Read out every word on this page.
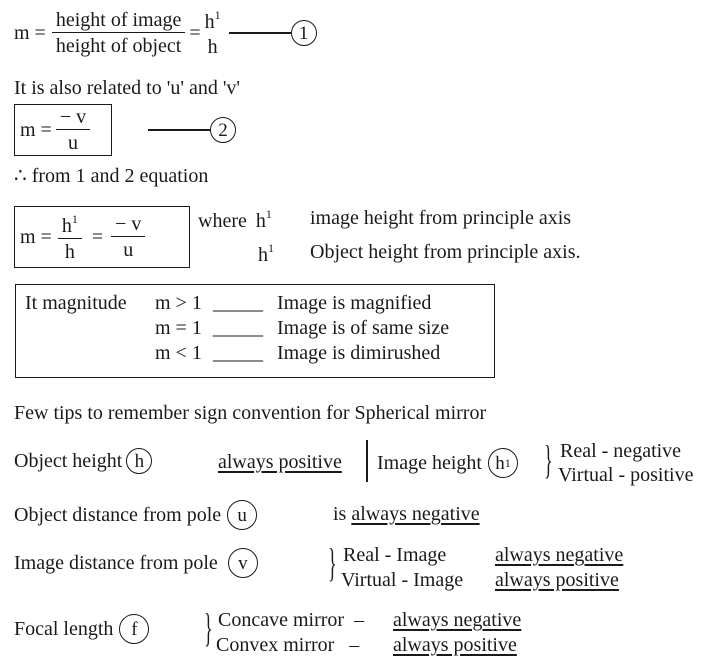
$m = \frac{\text{height of image}}{\text{height of object}} = h^1$
h
1
It is also related to 'u' and 'v'
$m = \frac{- v}{u}$	2
∴ from 1 and 2 equation
$m = \frac{h^1}{h} = \frac{- v}{u}$	where $h^1$ image height from principle axis
$h^1$ Object height from principle axis.
It magnitude m > 1 _____ Image is magnified
m = 1 _____ Image is of same size
m < 1 _____ Image is dimirushed
Few tips to remember sign convention for Spherical mirror
Object height h	always positive Image height h 1 } Real - negative
Virtual - positive
Object distance from pole u	is always negative
Image distance from pole	v } Real - Image always negative
Virtual - Image always positive
Focal length f } Concave mirror  – always negative
Convex mirror   – always positive
